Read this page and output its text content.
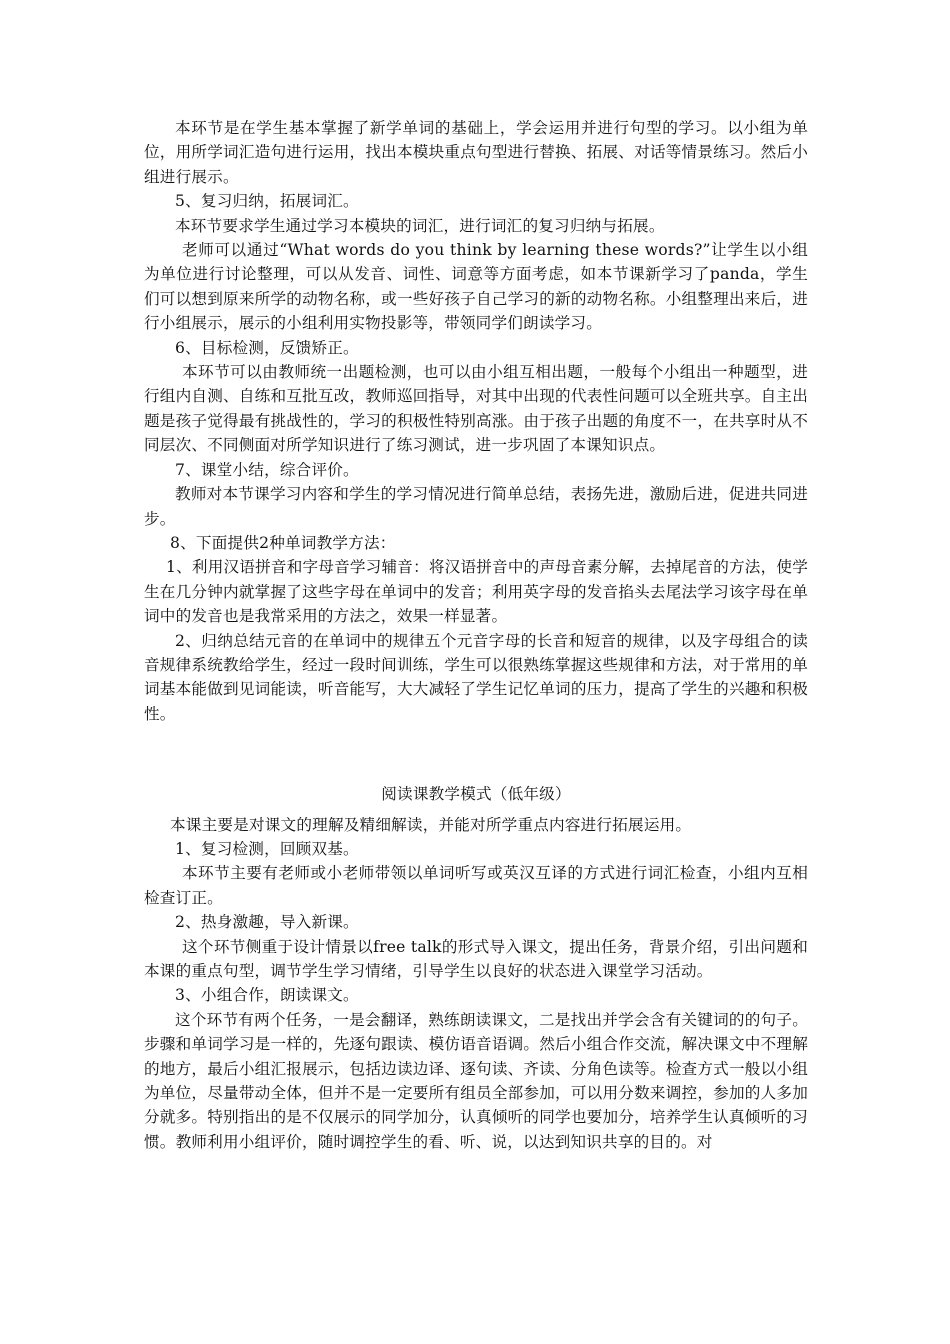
本环节是在学生基本掌握了新学单词的基础上，学会运用并进行句型的学习。以小组为单位，用所学词汇造句进行运用，找出本模块重点句型进行替换、拓展、对话等情景练习。然后小组进行展示。

5、复习归纳，拓展词汇。

本环节要求学生通过学习本模块的词汇，进行词汇的复习归纳与拓展。

老师可以通过“What words do you think by learning these words?”让学生以小组为单位进行讨论整理，可以从发音、词性、词意等方面考虑，如本节课新学习了panda，学生们可以想到原来所学的动物名称，或一些好孩子自己学习的新的动物名称。小组整理出来后，进行小组展示，展示的小组利用实物投影等，带领同学们朗读学习。

6、目标检测，反馈矫正。

本环节可以由教师统一出题检测，也可以由小组互相出题，一般每个小组出一种题型，进行组内自测、自练和互批互改，教师巡回指导，对其中出现的代表性问题可以全班共享。自主出题是孩子觉得最有挑战性的，学习的积极性特别高涨。由于孩子出题的角度不一，在共享时从不同层次、不同侧面对所学知识进行了练习测试，进一步巩固了本课知识点。

7、课堂小结，综合评价。

教师对本节课学习内容和学生的学习情况进行简单总结，表扬先进，激励后进，促进共同进步。

8、下面提供2种单词教学方法：

1、利用汉语拼音和字母音学习辅音：将汉语拼音中的声母音素分解，去掉尾音的方法，使学生在几分钟内就掌握了这些字母在单词中的发音；利用英字母的发音掐头去尾法学习该字母在单词中的发音也是我常采用的方法之，效果一样显著。

2、归纳总结元音的在单词中的规律五个元音字母的长音和短音的规律，以及字母组合的读音规律系统教给学生，经过一段时间训练，学生可以很熟练掌握这些规律和方法，对于常用的单词基本能做到见词能读，听音能写，大大减轻了学生记忆单词的压力，提高了学生的兴趣和积极性。

阅读课教学模式（低年级）

本课主要是对课文的理解及精细解读，并能对所学重点内容进行拓展运用。

1、复习检测，回顾双基。

本环节主要有老师或小老师带领以单词听写或英汉互译的方式进行词汇检查，小组内互相检查订正。

2、热身激趣，导入新课。

这个环节侧重于设计情景以free talk的形式导入课文，提出任务，背景介绍，引出问题和本课的重点句型，调节学生学习情绪，引导学生以良好的状态进入课堂学习活动。

3、小组合作，朗读课文。

这个环节有两个任务，一是会翻译，熟练朗读课文，二是找出并学会含有关键词的的句子。步骤和单词学习是一样的，先逐句跟读、模仿语音语调。然后小组合作交流，解决课文中不理解的地方，最后小组汇报展示，包括边读边译、逐句读、齐读、分角色读等。检查方式一般以小组为单位，尽量带动全体，但并不是一定要所有组员全部参加，可以用分数来调控，参加的人多加分就多。特别指出的是不仅展示的同学加分，认真倾听的同学也要加分，培养学生认真倾听的习惯。教师利用小组评价，随时调控学生的看、听、说，以达到知识共享的目的。对
